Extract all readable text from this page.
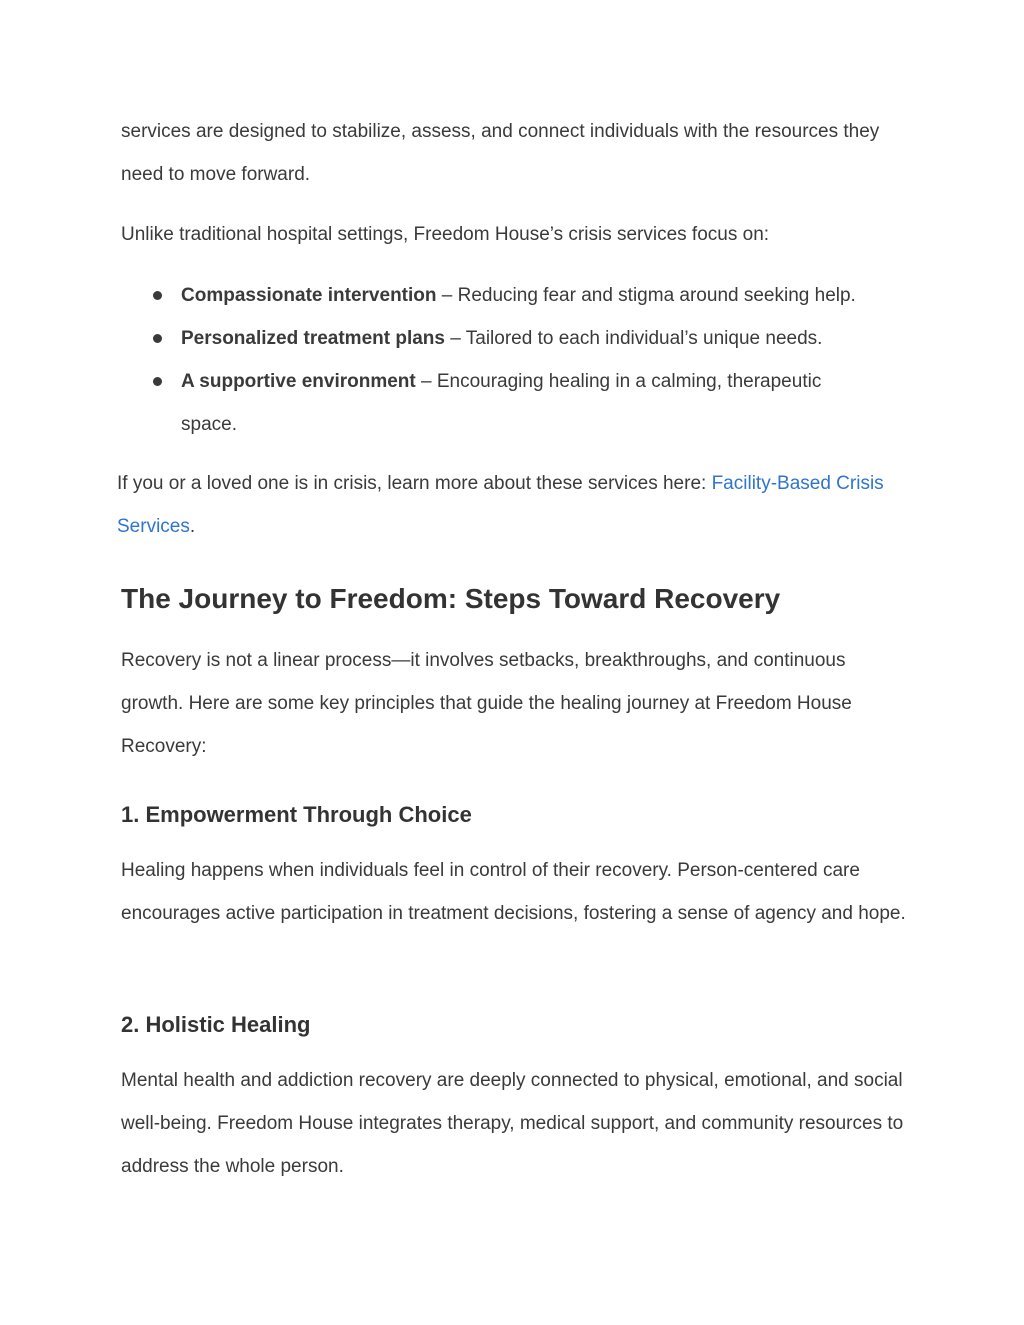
services are designed to stabilize, assess, and connect individuals with the resources they need to move forward.

Unlike traditional hospital settings, Freedom House’s crisis services focus on:

Compassionate intervention – Reducing fear and stigma around seeking help.
Personalized treatment plans – Tailored to each individual’s unique needs.
A supportive environment – Encouraging healing in a calming, therapeutic space.

If you or a loved one is in crisis, learn more about these services here: Facility-Based Crisis Services.

The Journey to Freedom: Steps Toward Recovery

Recovery is not a linear process—it involves setbacks, breakthroughs, and continuous growth. Here are some key principles that guide the healing journey at Freedom House Recovery:

1. Empowerment Through Choice

Healing happens when individuals feel in control of their recovery. Person-centered care encourages active participation in treatment decisions, fostering a sense of agency and hope.

2. Holistic Healing

Mental health and addiction recovery are deeply connected to physical, emotional, and social well-being. Freedom House integrates therapy, medical support, and community resources to address the whole person.
